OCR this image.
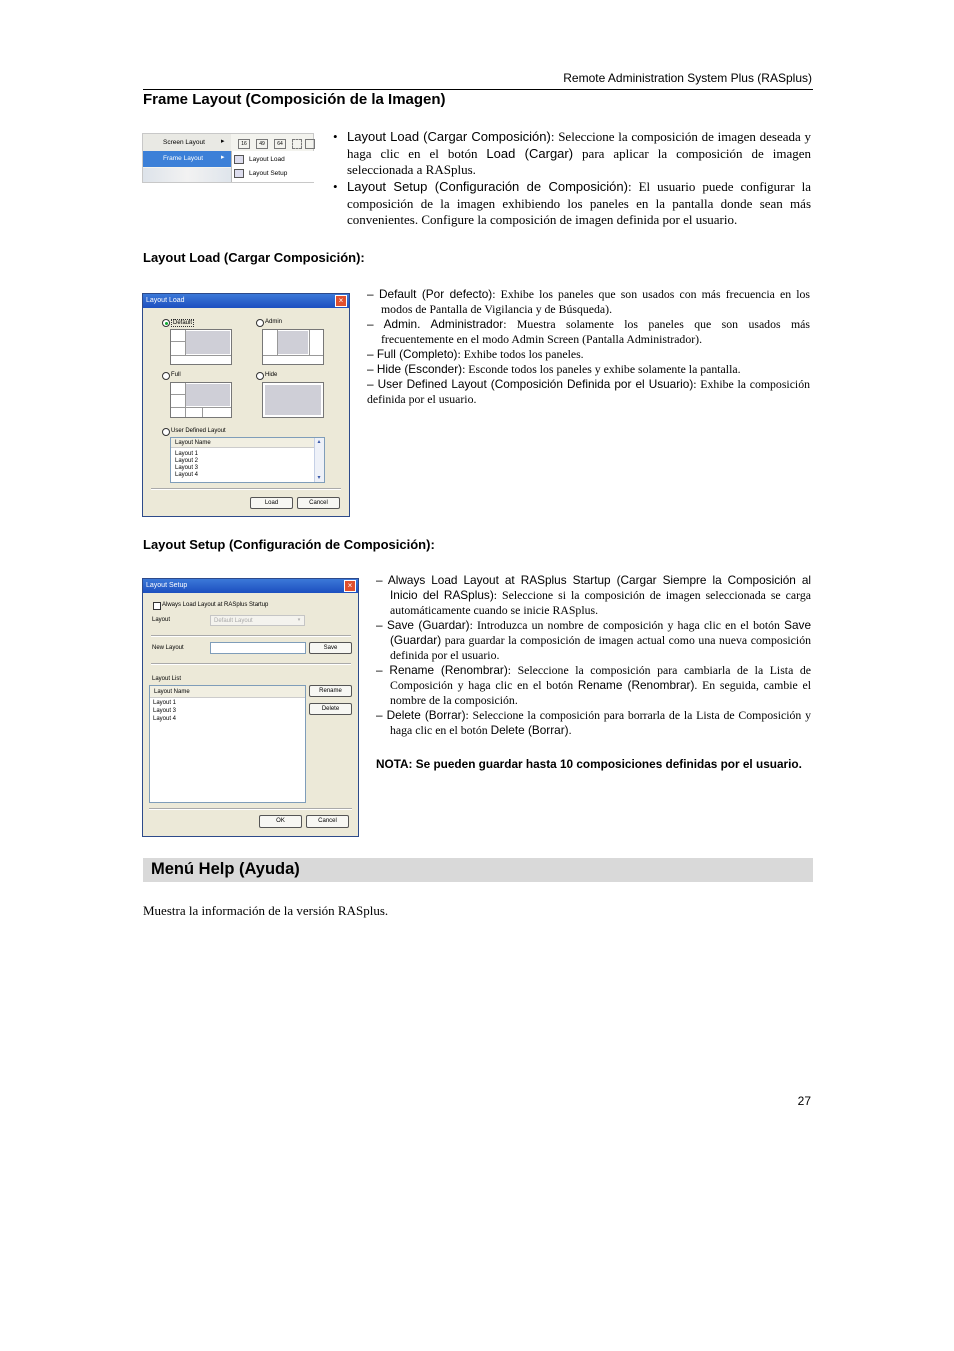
Remote Administration System Plus (RASplus)
Frame Layout (Composición de la Imagen)
Screen Layout ▸
Frame Layout	▸
16	49	64
Layout Load
Layout Setup
• Layout Load (Cargar Composición): Seleccione la composición de imagen deseada y haga clic en el botón Load (Cargar) para aplicar la composición de imagen seleccionada a RASplus.
• Layout Setup (Configuración de Composición): El usuario puede configurar la composición de la imagen exhibiendo los paneles en la pantalla donde sean más convenientes. Configure la composición de imagen definida por el usuario.
Layout Load (Cargar Composición):
Layout Load	×
Default	Admin
Full	Hide
User Defined Layout
Layout Name
Layout 1
Layout 2
Layout 3
Layout 4
▴
▾
Load	Cancel
– Default (Por defecto): Exhibe los paneles que son usados con más frecuencia en los modos de Pantalla de Vigilancia y de Búsqueda).
– Admin. Administrador: Muestra solamente los paneles que son usados más frecuentemente en el modo Admin Screen (Pantalla Administrador).
– Full (Completo): Exhibe todos los paneles.
– Hide (Esconder): Esconde todos los paneles y exhibe solamente la pantalla.
– User Defined Layout (Composición Definida por el Usuario): Exhibe la composición definida por el usuario.
Layout Setup (Configuración de Composición):
Layout Setup	×
Always Load Layout at RASplus Startup
Layout	Default Layout	▾
New Layout	Save
Layout List
Layout Name
Layout 1
Layout 3
Layout 4
Rename
Delete
OK	Cancel
– Always Load Layout at RASplus Startup (Cargar Siempre la Composición al Inicio del RASplus): Seleccione si la composición de imagen seleccionada se carga automáticamente cuando se inicie RASplus.
– Save (Guardar): Introduzca un nombre de composición y haga clic en el botón Save (Guardar) para guardar la composición de imagen actual como una nueva composición definida por el usuario.
– Rename (Renombrar): Seleccione la composición para cambiarla de la Lista de Composición y haga clic en el botón Rename (Renombrar). En seguida, cambie el nombre de la composición.
– Delete (Borrar): Seleccione la composición para borrarla de la Lista de Composición y haga clic en el botón Delete (Borrar).
NOTA: Se pueden guardar hasta 10 composiciones definidas por el usuario.
Menú Help (Ayuda)
Muestra la información de la versión RASplus.
27
